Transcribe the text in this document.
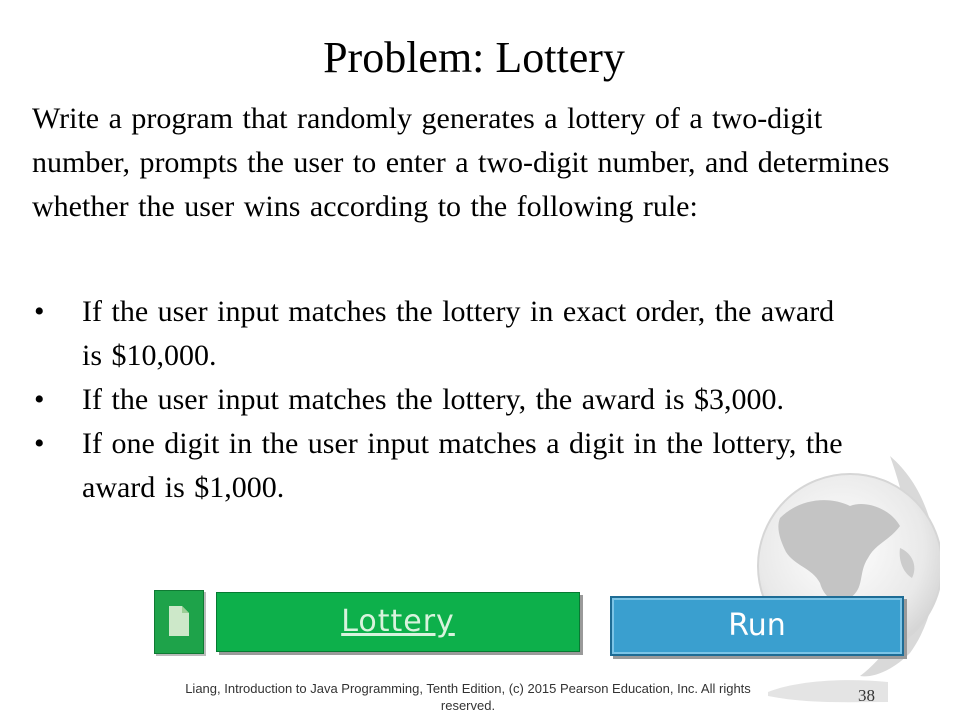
Problem: Lottery
Write a program that randomly generates a lottery of a two-digit number, prompts the user to enter a two-digit number, and determines whether the user wins according to the following rule:
• If the user input matches the lottery in exact order, the award is $10,000.
• If the user input matches the lottery, the award is $3,000.
• If one digit in the user input matches a digit in the lottery, the award is $1,000.
Lottery	Run
Liang, Introduction to Java Programming, Tenth Edition, (c) 2015 Pearson Education, Inc. All rights reserved.
38
